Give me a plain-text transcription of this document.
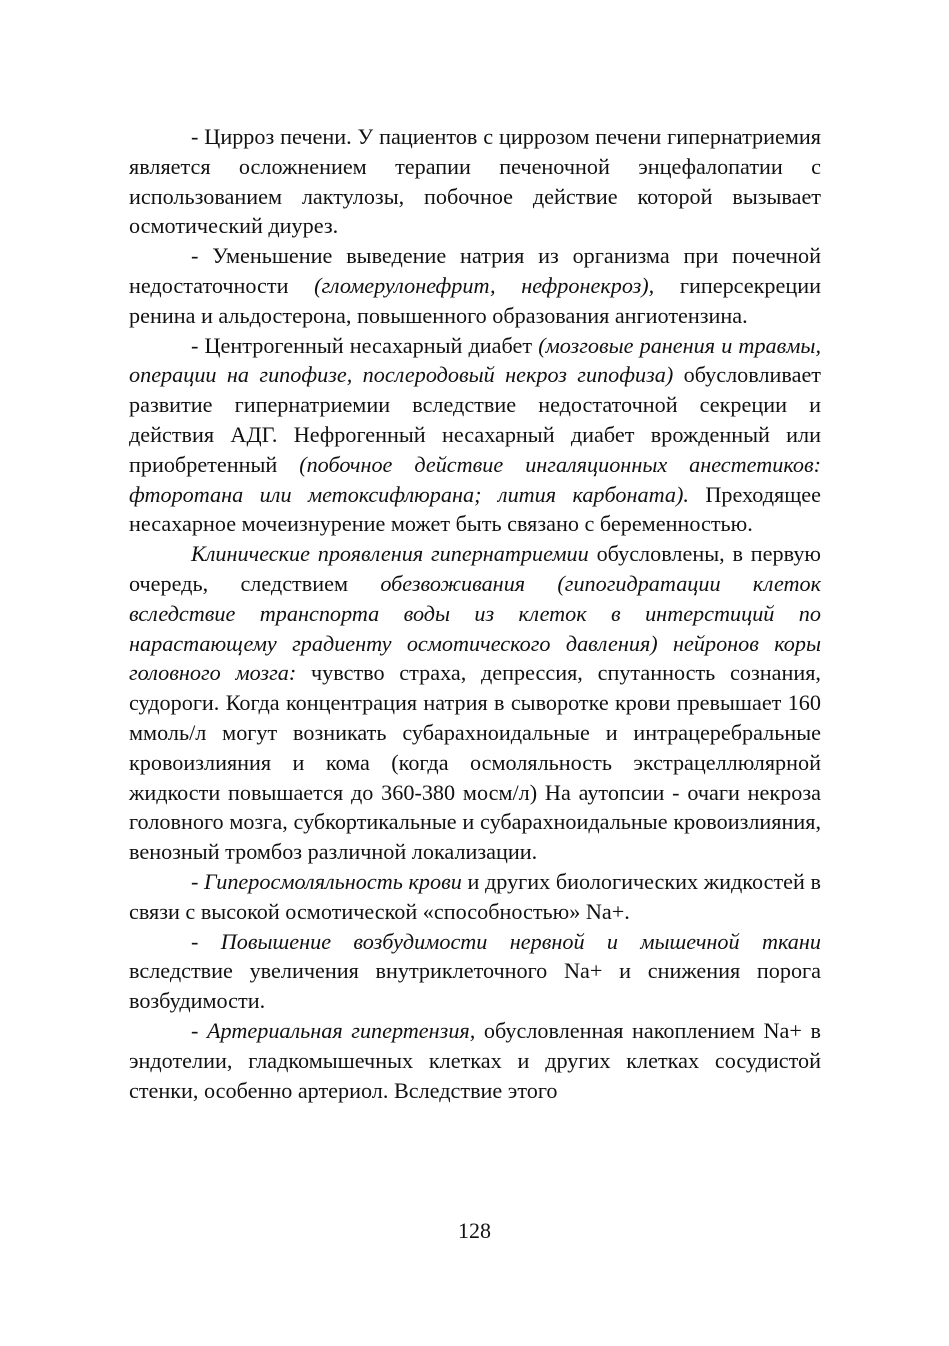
- Цирроз печени. У пациентов с циррозом печени гипернатриемия является осложнением терапии печеночной энцефалопатии с использованием лактулозы, побочное действие которой вызывает осмотический диурез.

- Уменьшение выведение натрия из организма при почечной недостаточности (гломерулонефрит, нефронекроз), гиперсекреции ренина и альдостерона, повышенного образования ангиотензина.

- Центрогенный несахарный диабет (мозговые ранения и травмы, операции на гипофизе, послеродовый некроз гипофиза) обусловливает развитие гипернатриемии вследствие недостаточной секреции и действия АДГ. Нефрогенный несахарный диабет врожденный или приобретенный (побочное действие ингаляционных анестетиков: фторотана или метоксифлюрана; лития карбоната). Преходящее несахарное мочеизнурение может быть связано с беременностью.

Клинические проявления гипернатриемии обусловлены, в первую очередь, следствием обезвоживания (гипогидратации клеток вследствие транспорта воды из клеток в интерстиций по нарастающему градиенту осмотического давления) нейронов коры головного мозга: чувство страха, депрессия, спутанность сознания, судороги. Когда концентрация натрия в сыворотке крови превышает 160 ммоль/л могут возникать субарахноидальные и интрацеребральные кровоизлияния и кома (когда осмоляльность экстрацеллюлярной жидкости повышается до 360-380 мосм/л) На аутопсии - очаги некроза головного мозга, субкортикальные и субарахноидальные кровоизлияния, венозный тромбоз различной локализации.

- Гиперосмоляльность крови и других биологических жидкостей в связи с высокой осмотической «способностью» Na+.

- Повышение возбудимости нервной и мышечной ткани вследствие увеличения внутриклеточного Na+ и снижения порога возбудимости.

- Артериальная гипертензия, обусловленная накоплением Na+ в эндотелии, гладкомышечных клетках и других клетках сосудистой стенки, особенно артериол. Вследствие этого

128
